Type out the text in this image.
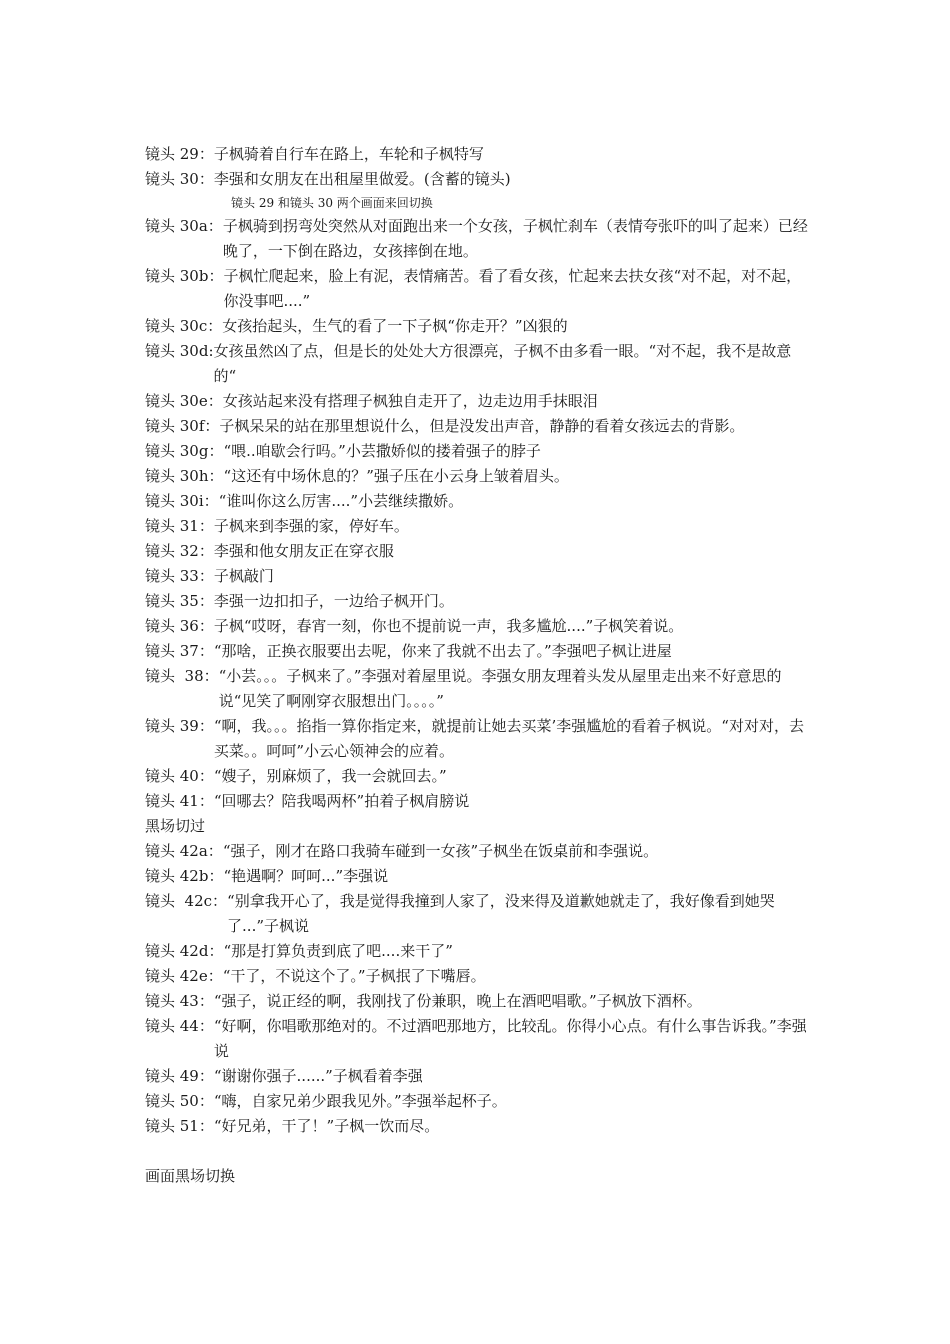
镜头 29： 子枫骑着自行车在路上，车轮和子枫特写
镜头 30： 李强和女朋友在出租屋里做爱。(含蓄的镜头)
镜头 29 和镜头 30 两个画面来回切换
镜头 30a： 子枫骑到拐弯处突然从对面跑出来一个女孩，子枫忙刹车（表情夸张吓的叫了起来）已经晚了，一下倒在路边，女孩摔倒在地。
镜头 30b： 子枫忙爬起来，脸上有泥，表情痛苦。看了看女孩，忙起来去扶女孩“对不起，对不起，你没事吧....”
镜头 30c： 女孩抬起头，生气的看了一下子枫“你走开？”凶狠的
镜头 30d: 女孩虽然凶了点，但是长的处处大方很漂亮，子枫不由多看一眼。“对不起，我不是故意的“
镜头 30e： 女孩站起来没有搭理子枫独自走开了，边走边用手抹眼泪
镜头 30f： 子枫呆呆的站在那里想说什么，但是没发出声音，静静的看着女孩远去的背影。
镜头 30g： “喂..咱歇会行吗。”小芸撒娇似的搂着强子的脖子
镜头 30h： “这还有中场休息的？”强子压在小云身上皱着眉头。
镜头 30i： “谁叫你这么厉害....”小芸继续撒娇。
镜头 31： 子枫来到李强的家，停好车。
镜头 32： 李强和他女朋友正在穿衣服
镜头 33： 子枫敲门
镜头 35： 李强一边扣扣子，一边给子枫开门。
镜头 36： 子枫“哎呀，春宵一刻，你也不提前说一声，我多尴尬....”子枫笑着说。
镜头 37： “那啥，正换衣服要出去呢，你来了我就不出去了。”李强吧子枫让进屋
镜头  38： “小芸。。。子枫来了。”李强对着屋里说。李强女朋友理着头发从屋里走出来不好意思的说“见笑了啊刚穿衣服想出门。。。。”
镜头 39： “啊，我。。。掐指一算你指定来，就提前让她去买菜’李强尴尬的看着子枫说。“对对对，去买菜。。呵呵”小云心领神会的应着。
镜头 40： “嫂子，别麻烦了，我一会就回去。”
镜头 41： “回哪去？陪我喝两杯”拍着子枫肩膀说
黑场切过
镜头 42a： “强子，刚才在路口我骑车碰到一女孩”子枫坐在饭桌前和李强说。
镜头 42b： “艳遇啊？呵呵...”李强说
镜头  42c： “别拿我开心了，我是觉得我撞到人家了，没来得及道歉她就走了，我好像看到她哭了...”子枫说
镜头 42d： “那是打算负责到底了吧....来干了”
镜头 42e： “干了，不说这个了。”子枫抿了下嘴唇。
镜头 43： “强子，说正经的啊，我刚找了份兼职，晚上在酒吧唱歌。”子枫放下酒杯。
镜头 44： “好啊，你唱歌那绝对的。不过酒吧那地方，比较乱。你得小心点。有什么事告诉我。”李强说
镜头 49： “谢谢你强子......”子枫看着李强
镜头 50： “嗨，自家兄弟少跟我见外。”李强举起杯子。
镜头 51： “好兄弟，干了！”子枫一饮而尽。
画面黑场切换
